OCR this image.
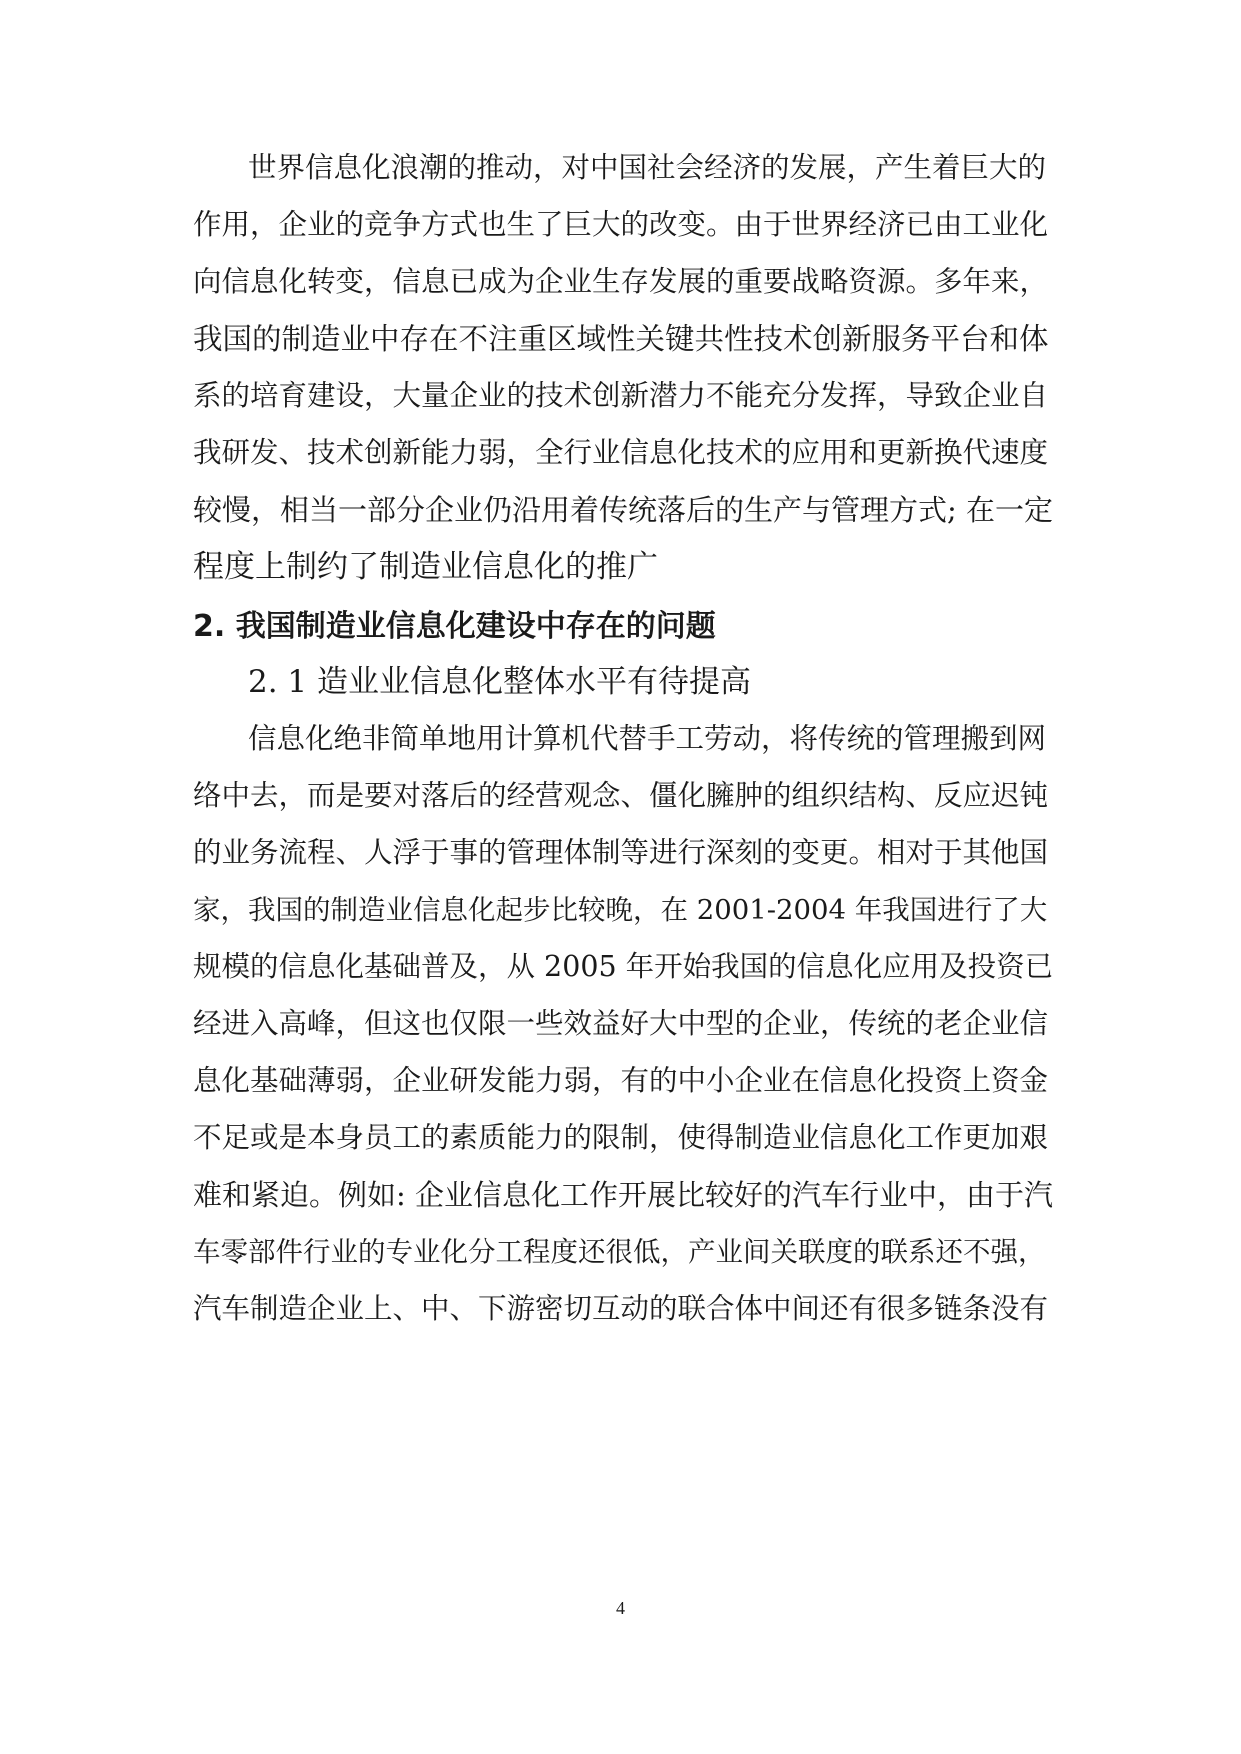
世界信息化浪潮的推动，对中国社会经济的发展，产生着巨大的
作用，企业的竞争方式也生了巨大的改变。由于世界经济已由工业化
向信息化转变，信息已成为企业生存发展的重要战略资源。多年来，
我国的制造业中存在不注重区域性关键共性技术创新服务平台和体
系的培育建设，大量企业的技术创新潜力不能充分发挥，导致企业自
我研发、技术创新能力弱，全行业信息化技术的应用和更新换代速度
较慢，相当一部分企业仍沿用着传统落后的生产与管理方式; 在一定
程度上制约了制造业信息化的推广
2. 我国制造业信息化建设中存在的问题
2. 1 造业业信息化整体水平有待提高
信息化绝非简单地用计算机代替手工劳动，将传统的管理搬到网
络中去，而是要对落后的经营观念、僵化臃肿的组织结构、反应迟钝
的业务流程、人浮于事的管理体制等进行深刻的变更。相对于其他国
家，我国的制造业信息化起步比较晚，在 2001-2004 年我国进行了大
规模的信息化基础普及，从 2005 年开始我国的信息化应用及投资已
经进入高峰，但这也仅限一些效益好大中型的企业，传统的老企业信
息化基础薄弱，企业研发能力弱，有的中小企业在信息化投资上资金
不足或是本身员工的素质能力的限制，使得制造业信息化工作更加艰
难和紧迫。例如: 企业信息化工作开展比较好的汽车行业中，由于汽
车零部件行业的专业化分工程度还很低，产业间关联度的联系还不强，
汽车制造企业上、中、下游密切互动的联合体中间还有很多链条没有
4
